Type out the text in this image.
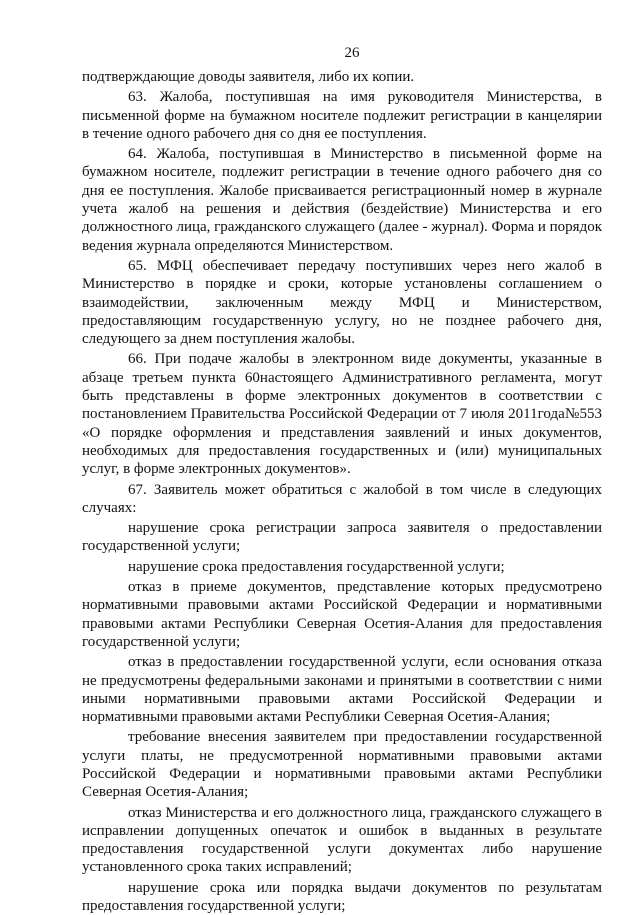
26

подтверждающие доводы заявителя, либо их копии.

63. Жалоба, поступившая на имя руководителя Министерства, в письменной форме на бумажном носителе подлежит регистрации в канцелярии в течение одного рабочего дня со дня ее поступления.

64. Жалоба, поступившая в Министерство в письменной форме на бумажном носителе, подлежит регистрации в течение одного рабочего дня со дня ее поступления. Жалобе присваивается регистрационный номер в журнале учета жалоб на решения и действия (бездействие) Министерства и его должностного лица, гражданского служащего (далее - журнал). Форма и порядок ведения журнала определяются Министерством.

65. МФЦ обеспечивает передачу поступивших через него жалоб в Министерство в порядке и сроки, которые установлены соглашением о взаимодействии, заключенным между МФЦ и Министерством, предоставляющим государственную услугу, но не позднее рабочего дня, следующего за днем поступления жалобы.

66. При подаче жалобы в электронном виде документы, указанные в абзаце третьем пункта 60настоящего Административного регламента, могут быть представлены в форме электронных документов в соответствии с постановлением Правительства Российской Федерации от 7 июля 2011года№553 «О порядке оформления и представления заявлений и иных документов, необходимых для предоставления государственных и (или) муниципальных услуг, в форме электронных документов».

67. Заявитель может обратиться с жалобой в том числе в следующих случаях:

нарушение срока регистрации запроса заявителя о предоставлении государственной услуги;

нарушение срока предоставления государственной услуги;

отказ в приеме документов, представление которых предусмотрено нормативными правовыми актами Российской Федерации и нормативными правовыми актами Республики Северная Осетия-Алания для предоставления государственной услуги;

отказ в предоставлении государственной услуги, если основания отказа не предусмотрены федеральными законами и принятыми в соответствии с ними иными нормативными правовыми актами Российской Федерации и нормативными правовыми актами Республики Северная Осетия-Алания;

требование внесения заявителем при предоставлении государственной услуги платы, не предусмотренной нормативными правовыми актами Российской Федерации и нормативными правовыми актами Республики Северная Осетия-Алания;

отказ Министерства и его должностного лица, гражданского служащего в исправлении допущенных опечаток и ошибок в выданных в результате предоставления государственной услуги документах либо нарушение установленного срока таких исправлений;

нарушение срока или порядка выдачи документов по результатам предоставления государственной услуги;
